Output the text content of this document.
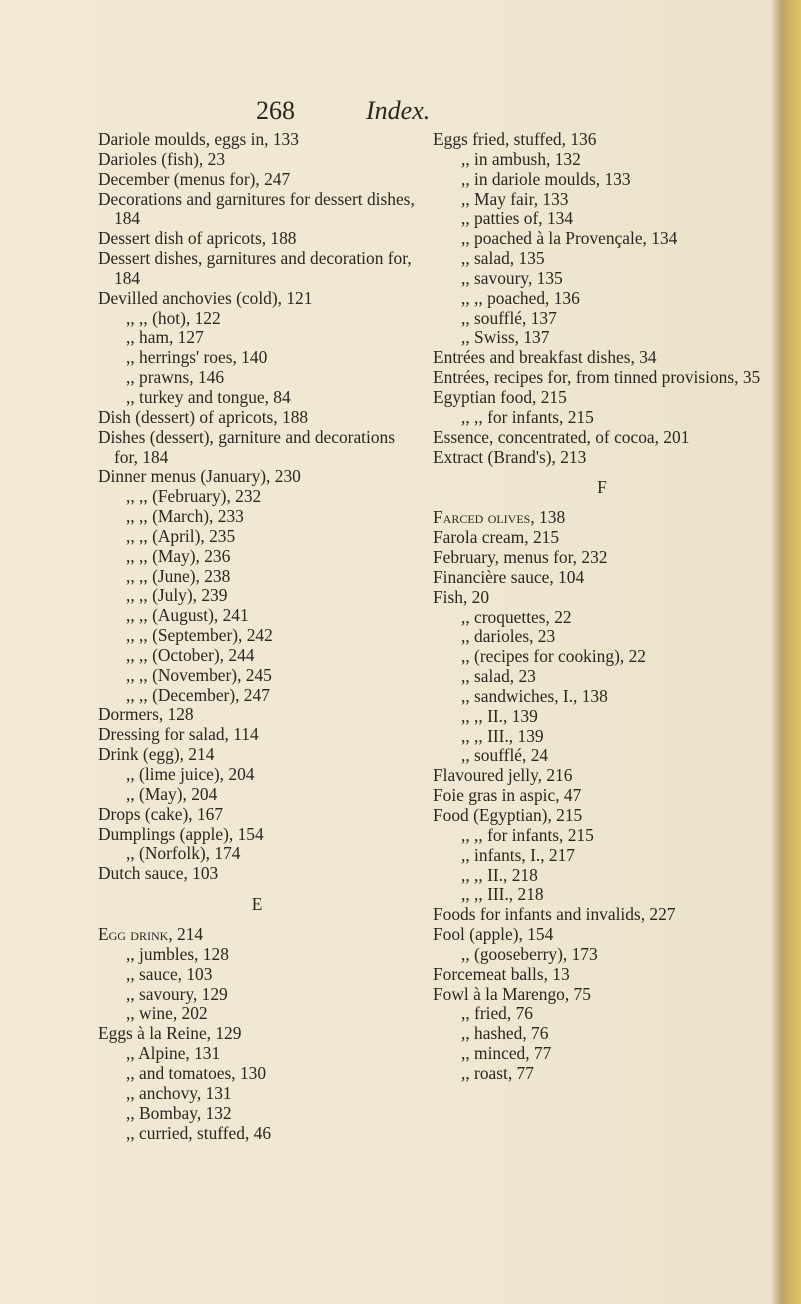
268	Index.
Dariole moulds, eggs in, 133
Darioles (fish), 23
December (menus for), 247
Decorations and garnitures for dessert dishes, 184
Dessert dish of apricots, 188
Dessert dishes, garnitures and decoration for, 184
Devilled anchovies (cold), 121
,, ,, (hot), 122
,, ham, 127
,, herrings' roes, 140
,, prawns, 146
,, turkey and tongue, 84
Dish (dessert) of apricots, 188
Dishes (dessert), garniture and decorations for, 184
Dinner menus (January), 230
,, ,, (February), 232
,, ,, (March), 233
,, ,, (April), 235
,, ,, (May), 236
,, ,, (June), 238
,, ,, (July), 239
,, ,, (August), 241
,, ,, (September), 242
,, ,, (October), 244
,, ,, (November), 245
,, ,, (December), 247
Dormers, 128
Dressing for salad, 114
Drink (egg), 214
,, (lime juice), 204
,, (May), 204
Drops (cake), 167
Dumplings (apple), 154
,, (Norfolk), 174
Dutch sauce, 103
E
Egg drink, 214
,, jumbles, 128
,, sauce, 103
,, savoury, 129
,, wine, 202
Eggs à la Reine, 129
,, Alpine, 131
,, and tomatoes, 130
,, anchovy, 131
,, Bombay, 132
,, curried, stuffed, 46
Eggs fried, stuffed, 136
,, in ambush, 132
,, in dariole moulds, 133
,, May fair, 133
,, patties of, 134
,, poached à la Provençale, 134
,, salad, 135
,, savoury, 135
,, ,, poached, 136
,, soufflé, 137
,, Swiss, 137
Entrées and breakfast dishes, 34
Entrées, recipes for, from tinned provisions, 35
Egyptian food, 215
,, ,, for infants, 215
Essence, concentrated, of cocoa, 201
Extract (Brand's), 213
F
Farced olives, 138
Farola cream, 215
February, menus for, 232
Financière sauce, 104
Fish, 20
,, croquettes, 22
,, darioles, 23
,, (recipes for cooking), 22
,, salad, 23
,, sandwiches, I., 138
,, ,, II., 139
,, ,, III., 139
,, soufflé, 24
Flavoured jelly, 216
Foie gras in aspic, 47
Food (Egyptian), 215
,, ,, for infants, 215
,, infants, I., 217
,, ,, II., 218
,, ,, III., 218
Foods for infants and invalids, 227
Fool (apple), 154
,, (gooseberry), 173
Forcemeat balls, 13
Fowl à la Marengo, 75
,, fried, 76
,, hashed, 76
,, minced, 77
,, roast, 77
